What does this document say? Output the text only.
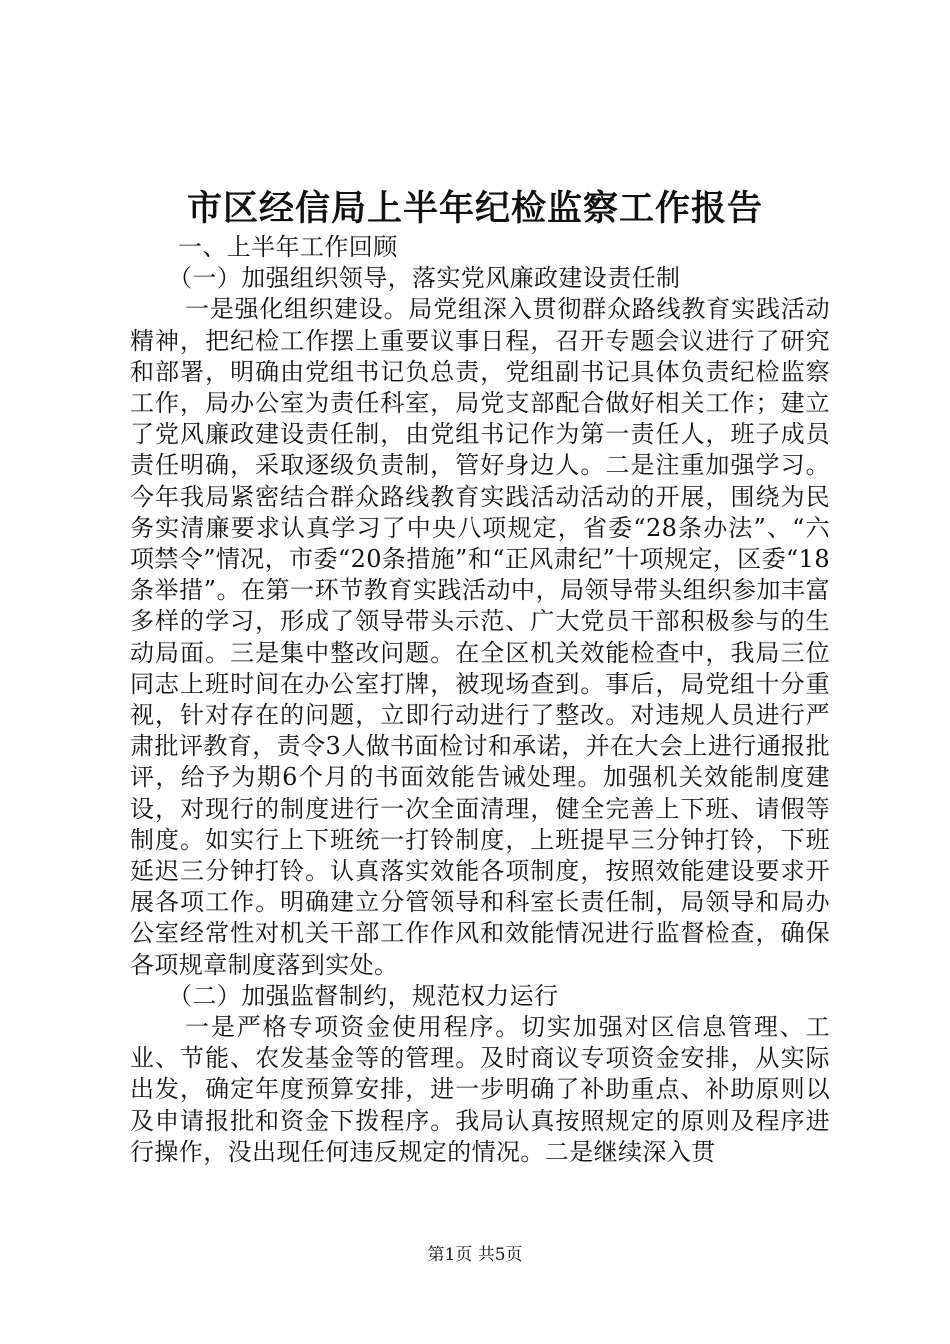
市区经信局上半年纪检监察工作报告

一、上半年工作回顾

（一）加强组织领导，落实党风廉政建设责任制

一是强化组织建设。局党组深入贯彻群众路线教育实践活动精神，把纪检工作摆上重要议事日程，召开专题会议进行了研究和部署，明确由党组书记负总责，党组副书记具体负责纪检监察工作，局办公室为责任科室，局党支部配合做好相关工作；建立了党风廉政建设责任制，由党组书记作为第一责任人，班子成员责任明确，采取逐级负责制，管好身边人。二是注重加强学习。今年我局紧密结合群众路线教育实践活动活动的开展，围绕为民务实清廉要求认真学习了中央八项规定，省委“28条办法”、“六项禁令”情况，市委“20条措施”和“正风肃纪”十项规定，区委“18条举措”。在第一环节教育实践活动中，局领导带头组织参加丰富多样的学习，形成了领导带头示范、广大党员干部积极参与的生动局面。三是集中整改问题。在全区机关效能检查中，我局三位同志上班时间在办公室打牌，被现场查到。事后，局党组十分重视，针对存在的问题，立即行动进行了整改。对违规人员进行严肃批评教育，责令3人做书面检讨和承诺，并在大会上进行通报批评，给予为期6个月的书面效能告诫处理。加强机关效能制度建设，对现行的制度进行一次全面清理，健全完善上下班、请假等制度。如实行上下班统一打铃制度，上班提早三分钟打铃，下班延迟三分钟打铃。认真落实效能各项制度，按照效能建设要求开展各项工作。明确建立分管领导和科室长责任制，局领导和局办公室经常性对机关干部工作作风和效能情况进行监督检查，确保各项规章制度落到实处。

（二）加强监督制约，规范权力运行

一是严格专项资金使用程序。切实加强对区信息管理、工业、节能、农发基金等的管理。及时商议专项资金安排，从实际出发，确定年度预算安排，进一步明确了补助重点、补助原则以及申请报批和资金下拨程序。我局认真按照规定的原则及程序进行操作，没出现任何违反规定的情况。二是继续深入贯

第1页 共5页
